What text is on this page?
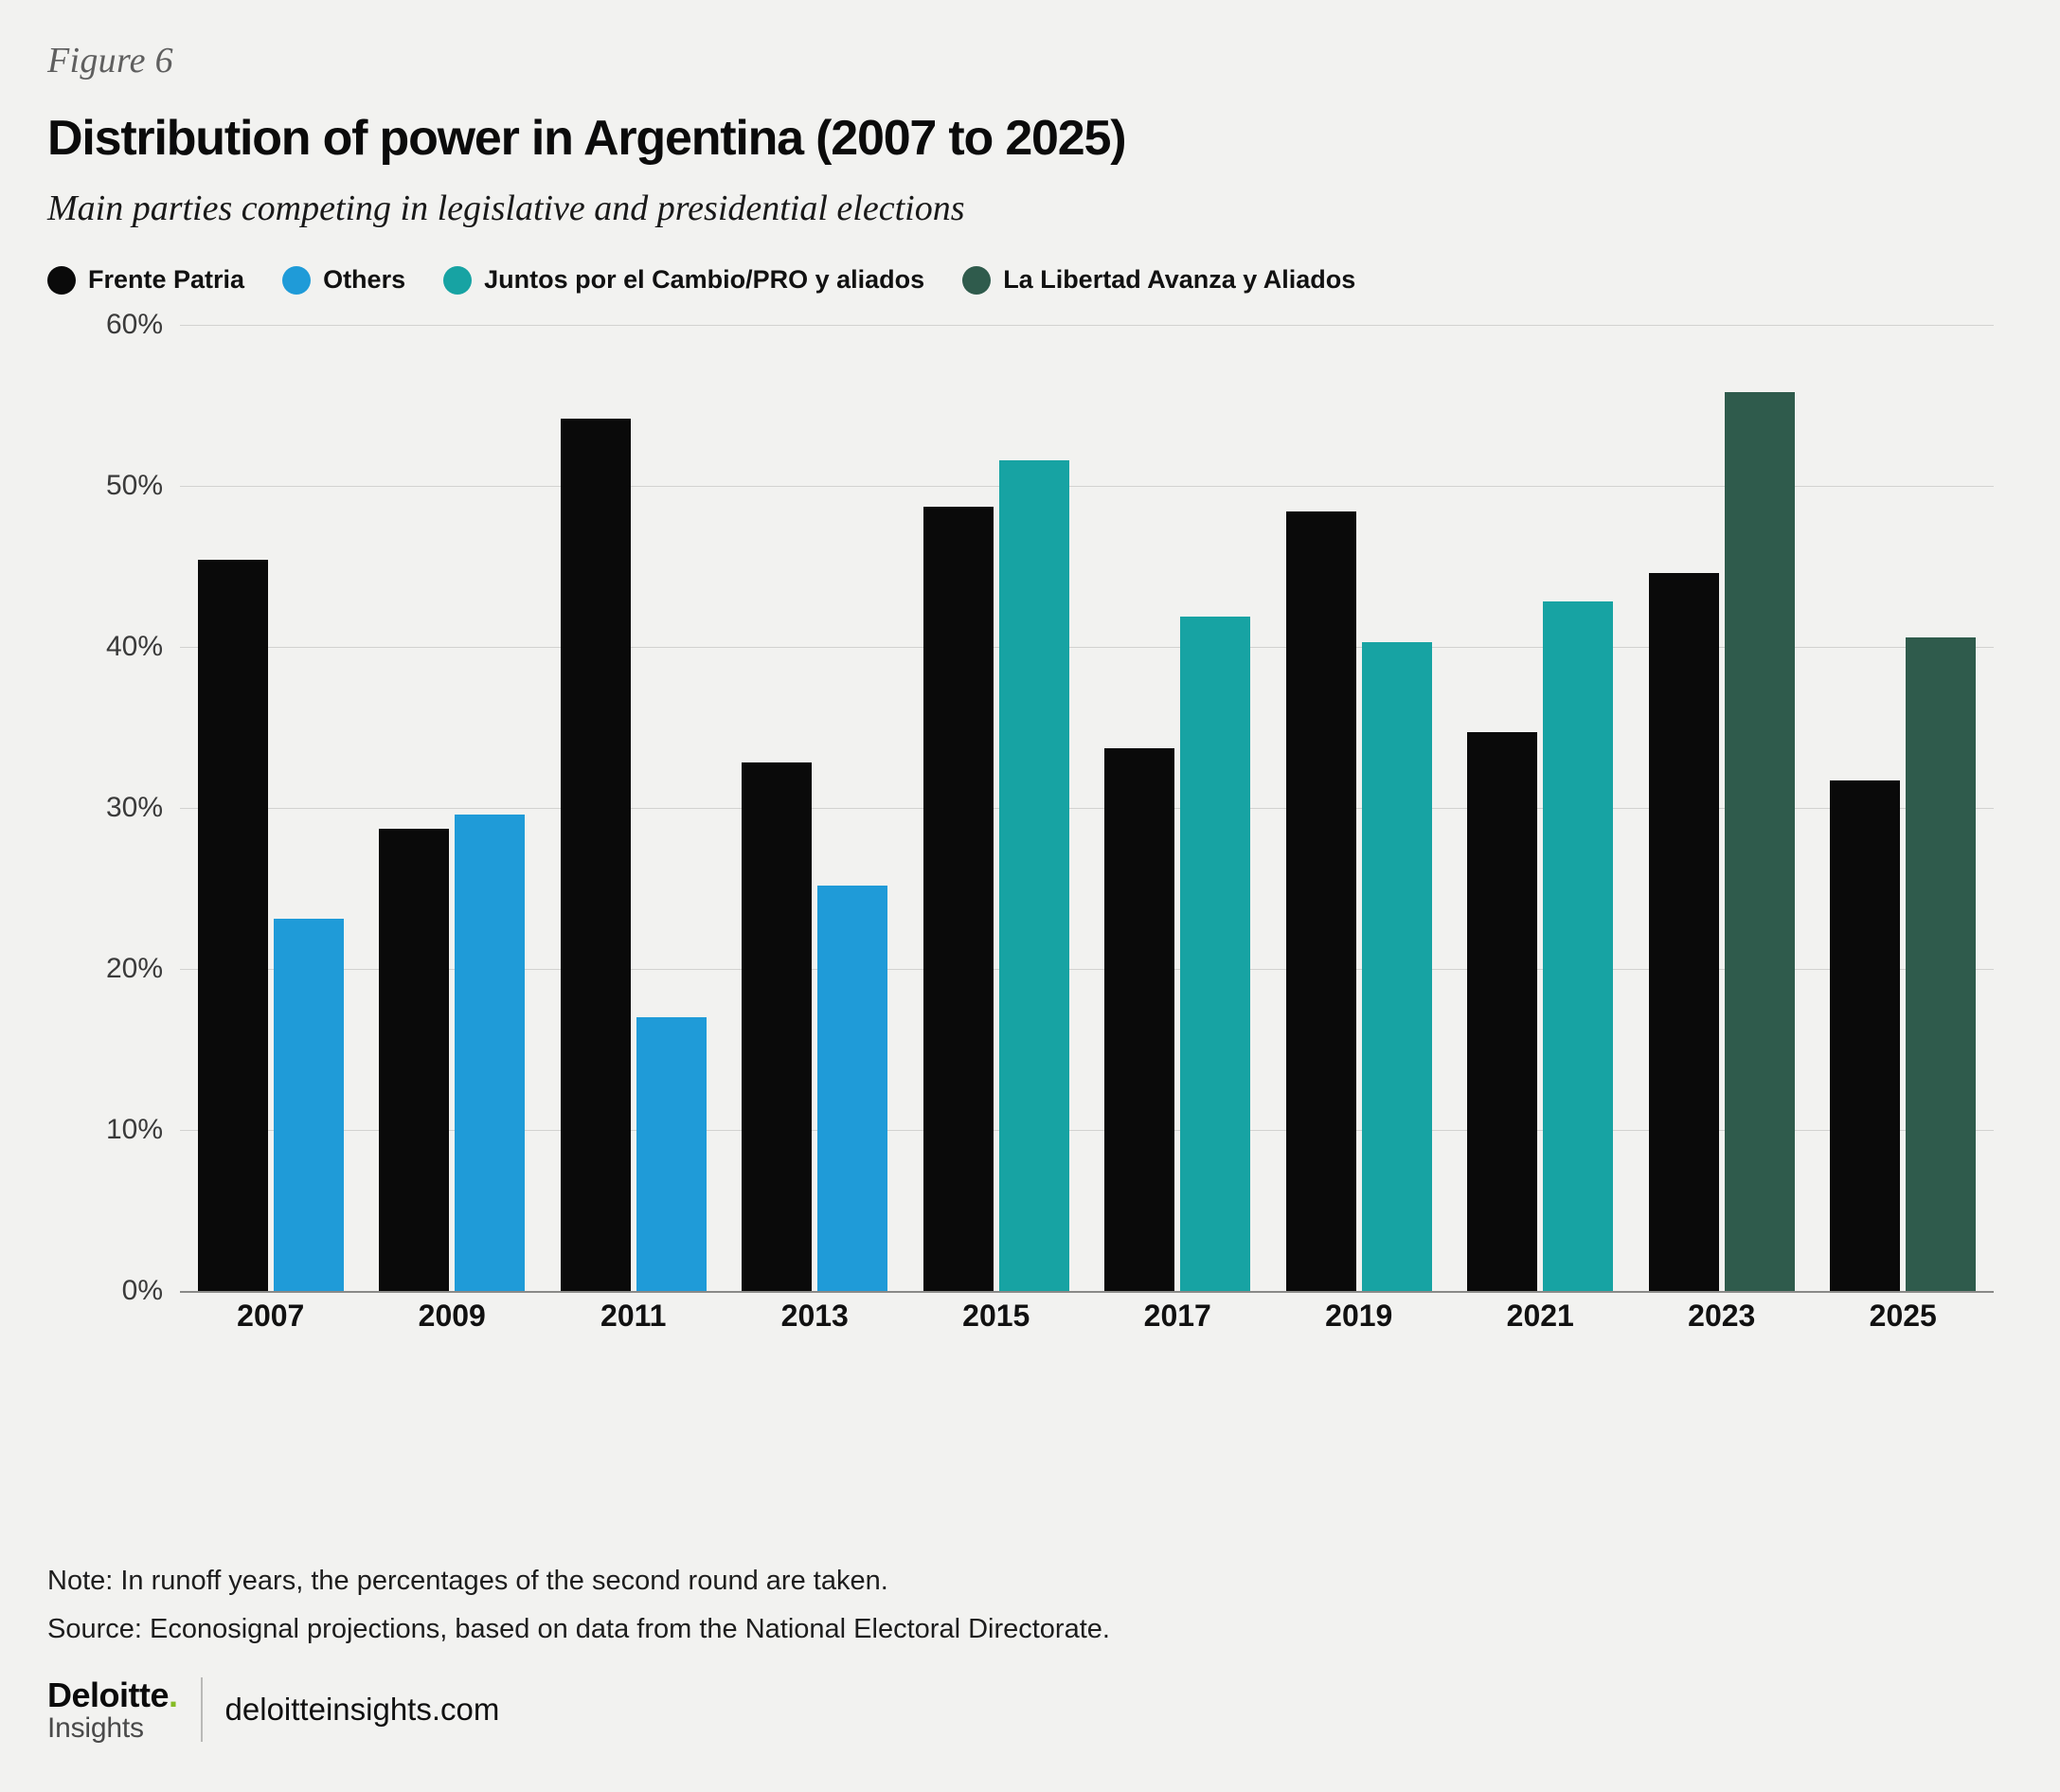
Figure 6
Distribution of power in Argentina (2007 to 2025)
Main parties competing in legislative and presidential elections
Frente Patria	Others	Juntos por el Cambio/PRO y aliados	La Libertad Avanza y Aliados
0%
10%
20%
30%
40%
50%
60%
2007	2009	2011	2013	2015	2017	2019	2021	2023	2025
Note: In runoff years, the percentages of the second round are taken.
Source: Econosignal projections, based on data from the National Electoral Directorate.
Deloitte.
Insights
deloitteinsights.com
